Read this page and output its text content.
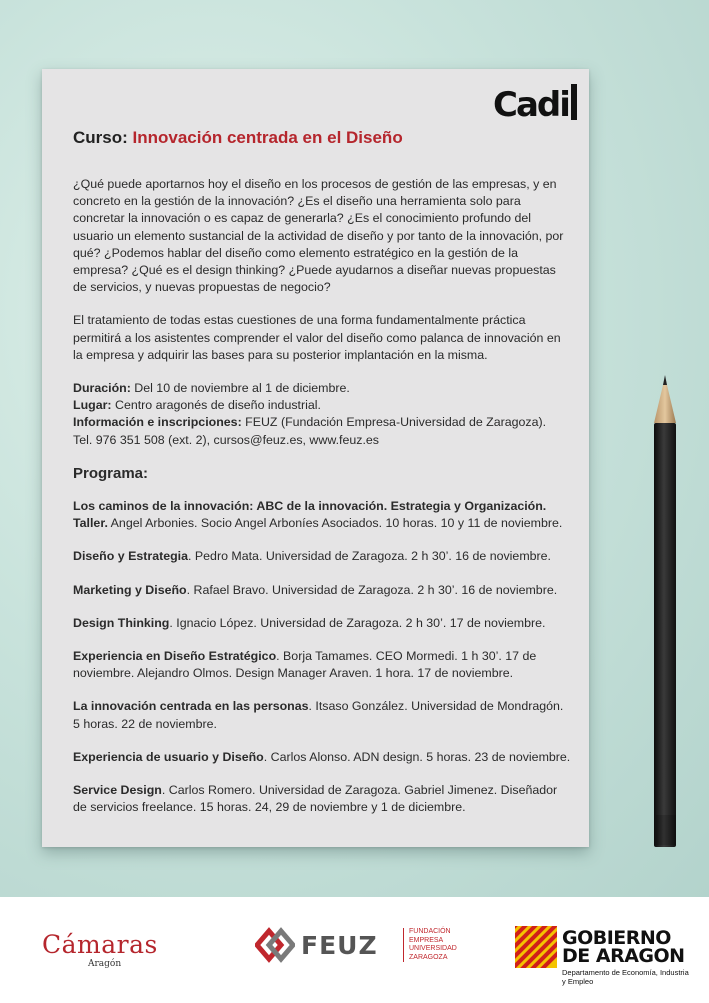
Cadi
Curso: Innovación centrada en el Diseño

¿Qué puede aportarnos hoy el diseño en los procesos de gestión de las empresas, y en concreto en la gestión de la innovación? ¿Es el diseño una herramienta solo para concretar la innovación o es capaz de generarla? ¿Es el conocimiento profundo del usuario un elemento sustancial de la actividad de diseño y por tanto de la innovación, por qué? ¿Podemos hablar del diseño como elemento estratégico en la gestión de la empresa? ¿Qué es el design thinking? ¿Puede ayudarnos a diseñar nuevas propuestas de servicios, y nuevas propuestas de negocio?

El tratamiento de todas estas cuestiones de una forma fundamentalmente práctica permitirá a los asistentes comprender el valor del diseño como palanca de innovación en la empresa y adquirir las bases para su posterior implantación en la misma.

Duración: Del 10 de noviembre al 1 de diciembre.
Lugar: Centro aragonés de diseño industrial.
Información e inscripciones: FEUZ (Fundación Empresa-Universidad de Zaragoza).
Tel. 976 351 508 (ext. 2), cursos@feuz.es, www.feuz.es
Programa:
Los caminos de la innovación: ABC de la innovación. Estrategia y Organización. Taller. Angel Arbonies. Socio Angel Arboníes Asociados. 10 horas. 10 y 11 de noviembre.
Diseño y Estrategia. Pedro Mata. Universidad de Zaragoza. 2 h 30’. 16 de noviembre.
Marketing y Diseño. Rafael Bravo. Universidad de Zaragoza. 2 h 30’. 16 de noviembre.
Design Thinking. Ignacio López. Universidad de Zaragoza. 2 h 30’. 17 de noviembre.
Experiencia en Diseño Estratégico. Borja Tamames. CEO Mormedi. 1 h 30’. 17 de noviembre. Alejandro Olmos. Design Manager Araven. 1 hora. 17 de noviembre.
La innovación centrada en las personas. Itsaso González. Universidad de Mondragón. 5 horas. 22 de noviembre.
Experiencia de usuario y Diseño. Carlos Alonso. ADN design. 5 horas. 23 de noviembre.
Service Design. Carlos Romero. Universidad de Zaragoza. Gabriel Jimenez. Diseñador de servicios freelance. 15 horas. 24, 29 de noviembre y 1 de diciembre.
Cámaras
Aragón
FEUZ	FUNDACIÓN
EMPRESA
UNIVERSIDAD
ZARAGOZA
GOBIERNO
DE ARAGON
Departamento de Economía, Industria y Empleo
